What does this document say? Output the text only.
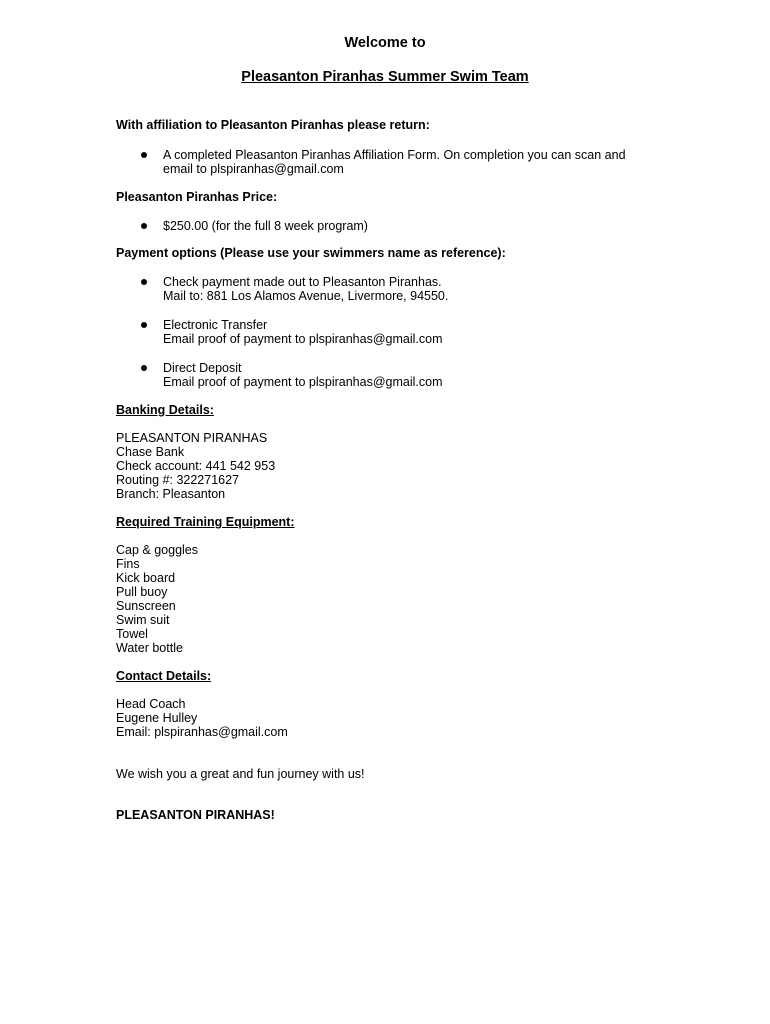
Welcome to
Pleasanton Piranhas Summer Swim Team
With affiliation to Pleasanton Piranhas please return:
A completed Pleasanton Piranhas Affiliation Form. On completion you can scan and
email to plspiranhas@gmail.com
Pleasanton Piranhas Price:
$250.00 (for the full 8 week program)
Payment options (Please use your swimmers name as reference):
Check payment made out to Pleasanton Piranhas.
Mail to: 881 Los Alamos Avenue, Livermore, 94550.
Electronic Transfer
Email proof of payment to plspiranhas@gmail.com
Direct Deposit
Email proof of payment to plspiranhas@gmail.com
Banking Details:
PLEASANTON PIRANHAS
Chase Bank
Check account: 441 542 953
Routing #: 322271627
Branch: Pleasanton
Required Training Equipment:
Cap & goggles
Fins
Kick board
Pull buoy
Sunscreen
Swim suit
Towel
Water bottle
Contact Details:
Head Coach
Eugene Hulley
Email: plspiranhas@gmail.com
We wish you a great and fun journey with us!
PLEASANTON PIRANHAS!
